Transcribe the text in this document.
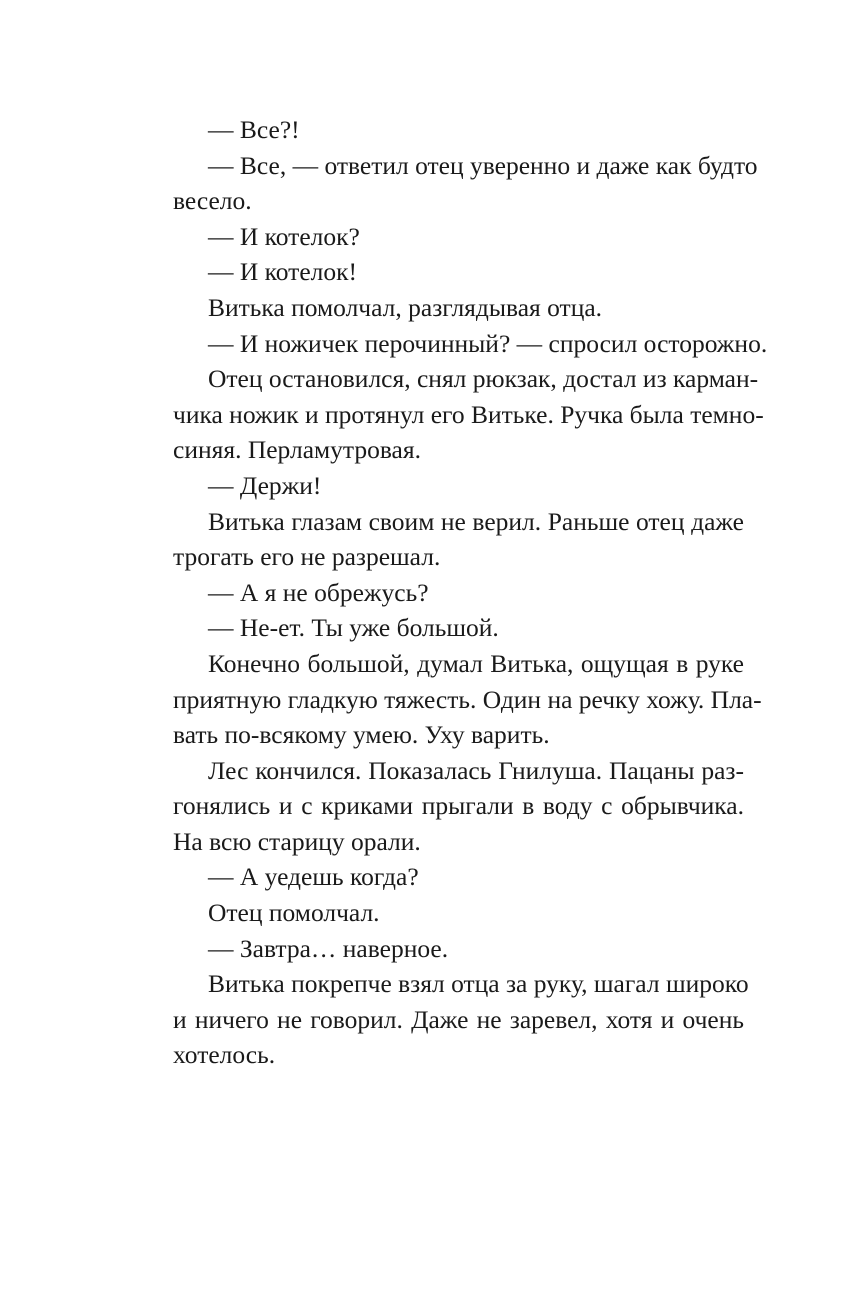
— Все?!

— Все, — ответил отец уверенно и даже как будто
весело.

— И котелок?

— И котелок!

Витька помолчал, разглядывая отца.

— И ножичек перочинный? — спросил осторожно.

Отец остановился, снял рюкзак, достал из карман-
чика ножик и протянул его Витьке. Ручка была темно-
синяя. Перламутровая.

— Держи!

Витька глазам своим не верил. Раньше отец даже
трогать его не разрешал.

— А я не обрежусь?

— Не-ет. Ты уже большой.

Конечно большой, думал Витька, ощущая в руке
приятную гладкую тяжесть. Один на речку хожу. Пла-
вать по-всякому умею. Уху варить.

Лес кончился. Показалась Гнилуша. Пацаны раз-
гонялись и с криками прыгали в воду с обрывчика.
На всю старицу орали.

— А уедешь когда?

Отец помолчал.

— Завтра… наверное.

Витька покрепче взял отца за руку, шагал широко
и ничего не говорил. Даже не заревел, хотя и очень
хотелось.
